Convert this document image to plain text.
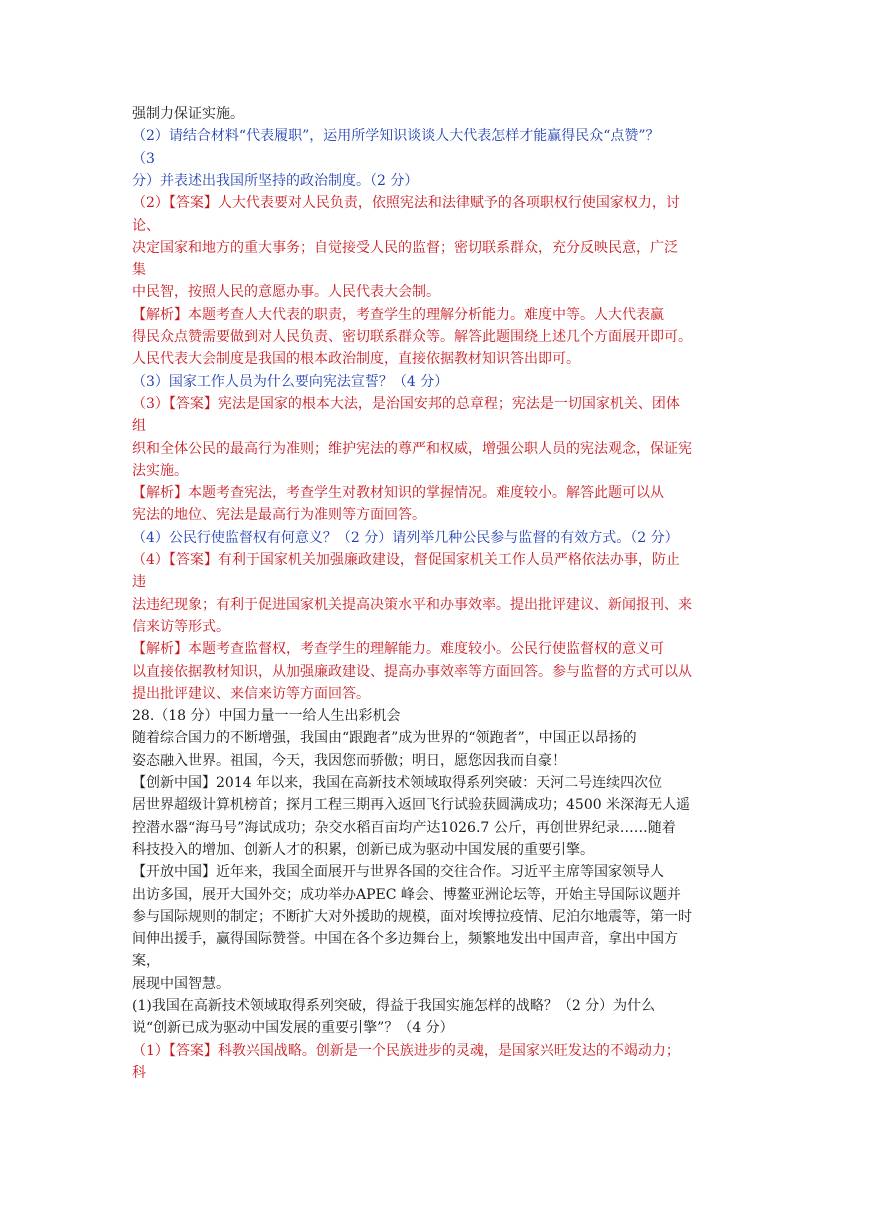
强制力保证实施。
（2）请结合材料“代表履职”，运用所学知识谈谈人大代表怎样才能赢得民众“点赞”？
（3
分）并表述出我国所坚持的政治制度。（2 分）
（2）【答案】人大代表要对人民负责，依照宪法和法律赋予的各项职权行使国家权力，讨
论、
决定国家和地方的重大事务；自觉接受人民的监督；密切联系群众，充分反映民意，广泛
集
中民智，按照人民的意愿办事。人民代表大会制。
【解析】本题考查人大代表的职责，考查学生的理解分析能力。难度中等。人大代表赢
得民众点赞需要做到对人民负责、密切联系群众等。解答此题围绕上述几个方面展开即可。
人民代表大会制度是我国的根本政治制度，直接依据教材知识答出即可。
（3）国家工作人员为什么要向宪法宣誓？（4 分）
（3）【答案】宪法是国家的根本大法，是治国安邦的总章程；宪法是一切国家机关、团体
组
织和全体公民的最高行为准则；维护宪法的尊严和权威，增强公职人员的宪法观念，保证宪
法实施。
【解析】本题考查宪法，考查学生对教材知识的掌握情况。难度较小。解答此题可以从
宪法的地位、宪法是最高行为准则等方面回答。
（4）公民行使监督权有何意义？（2 分）请列举几种公民参与监督的有效方式。（2 分）
（4）【答案】有利于国家机关加强廉政建设，督促国家机关工作人员严格依法办事，防止
违
法违纪现象；有利于促进国家机关提高决策水平和办事效率。提出批评建议、新闻报刊、来
信来访等形式。
【解析】本题考查监督权，考查学生的理解能力。难度较小。公民行使监督权的意义可
以直接依据教材知识，从加强廉政建设、提高办事效率等方面回答。参与监督的方式可以从
提出批评建议、来信来访等方面回答。
28.（18 分）中国力量一一给人生出彩机会
随着综合国力的不断增强，我国由“跟跑者”成为世界的“领跑者”，中国正以昂扬的
姿态融入世界。祖国，今天，我因您而骄傲；明日，愿您因我而自豪！
【创新中国】2014 年以来，我国在高新技术领域取得系列突破：天河二号连续四次位
居世界超级计算机榜首；探月工程三期再入返回飞行试验获圆满成功；4500 米深海无人遥
控潜水器“海马号”海试成功；杂交水稻百亩均产达1026.7 公斤，再创世界纪录……随着
科技投入的增加、创新人才的积累，创新已成为驱动中国发展的重要引擎。
【开放中国】近年来，我国全面展开与世界各国的交往合作。习近平主席等国家领导人
出访多国，展开大国外交；成功举办APEC 峰会、博鳌亚洲论坛等，开始主导国际议题并
参与国际规则的制定；不断扩大对外援助的规模，面对埃博拉疫情、尼泊尔地震等，第一时
间伸出援手，赢得国际赞誉。中国在各个多边舞台上，频繁地发出中国声音，拿出中国方
案，
展现中国智慧。
(1)我国在高新技术领域取得系列突破，得益于我国实施怎样的战略？（2 分）为什么
说“创新已成为驱动中国发展的重要引擎”？（4 分）
（1）【答案】科教兴国战略。创新是一个民族进步的灵魂，是国家兴旺发达的不竭动力；
科
